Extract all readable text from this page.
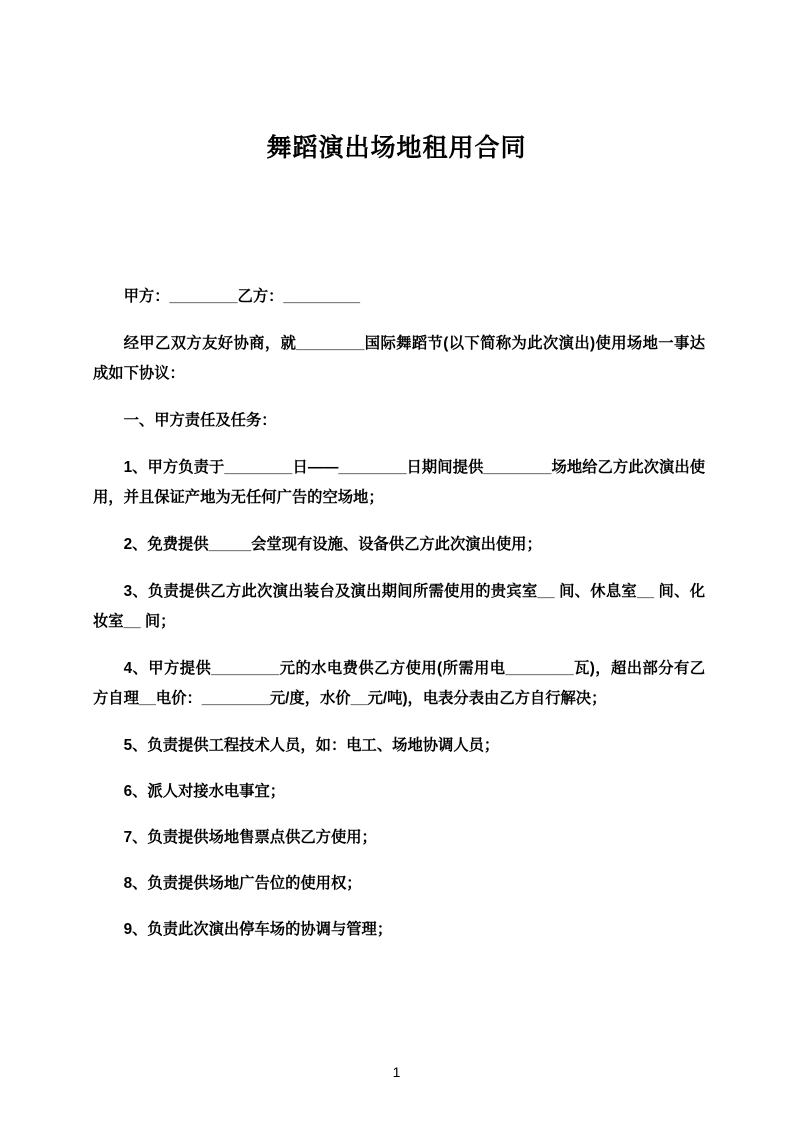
舞蹈演出场地租用合同

甲方：________乙方：_________

经甲乙双方友好协商，就________国际舞蹈节(以下简称为此次演出)使用场地一事达成如下协议：

一、甲方责任及任务：

1、甲方负责于________日——________日期间提供________场地给乙方此次演出使用，并且保证产地为无任何广告的空场地；

2、免费提供_____会堂现有设施、设备供乙方此次演出使用；

3、负责提供乙方此次演出装台及演出期间所需使用的贵宾室__ 间、休息室__ 间、化妆室__ 间；

4、甲方提供________元的水电费供乙方使用(所需用电________瓦)，超出部分有乙方自理__电价：________元/度，水价__元/吨)，电表分表由乙方自行解决；

5、负责提供工程技术人员，如：电工、场地协调人员；

6、派人对接水电事宜；

7、负责提供场地售票点供乙方使用；

8、负责提供场地广告位的使用权；

9、负责此次演出停车场的协调与管理；

1
